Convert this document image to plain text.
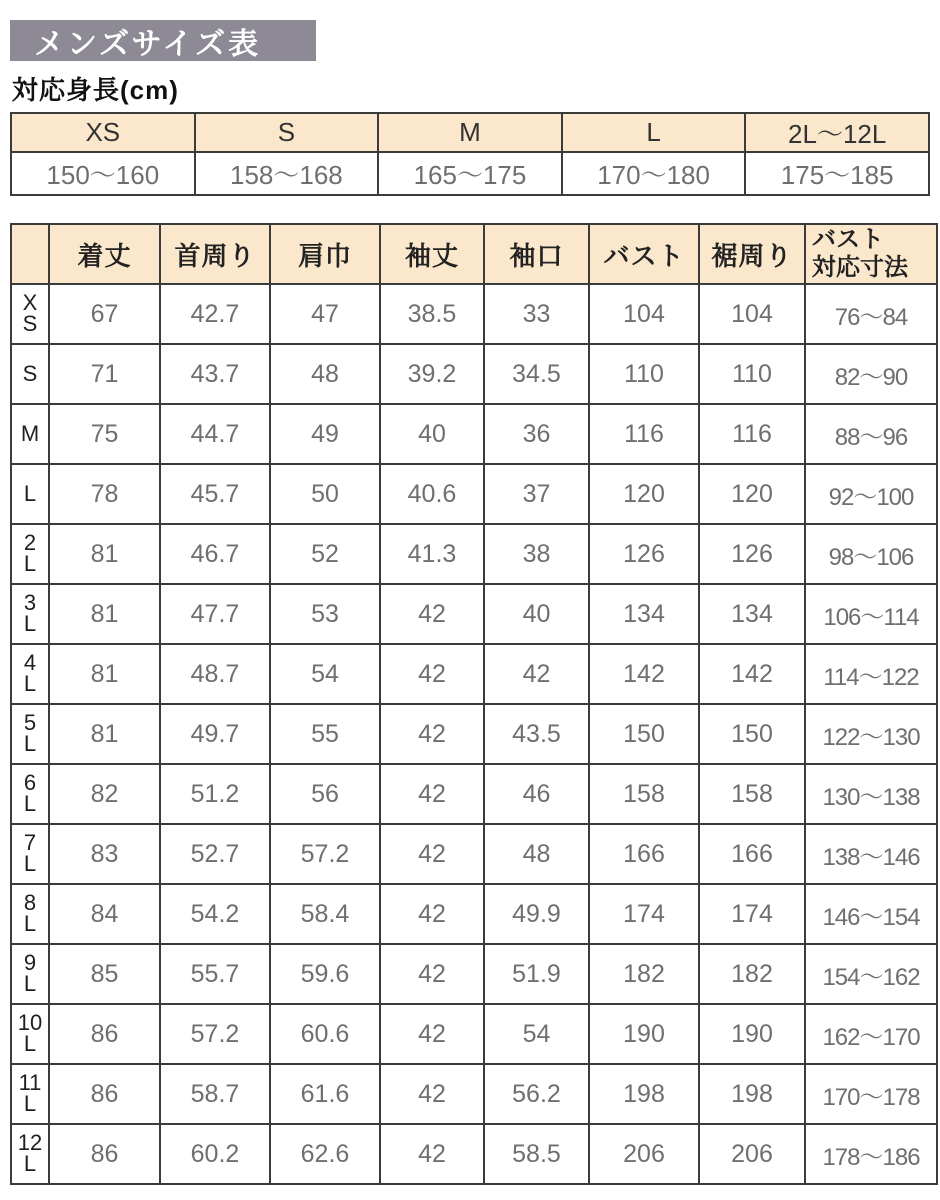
メンズサイズ表
対応身長(cm)
XS	S	M	L	2L～12L
150～160	158～168	165～175	170～180	175～185
	着丈	首周り	肩巾	袖丈	袖口	バスト	裾周り	バスト
対応寸法

X
S	67	42.7	47	38.5	33	104	104	76～84

S	71	43.7	48	39.2	34.5	110	110	82～90

M	75	44.7	49	40	36	116	116	88～96

L	78	45.7	50	40.6	37	120	120	92～100

2
L	81	46.7	52	41.3	38	126	126	98～106

3
L	81	47.7	53	42	40	134	134	106～114

4
L	81	48.7	54	42	42	142	142	114～122

5
L	81	49.7	55	42	43.5	150	150	122～130

6
L	82	51.2	56	42	46	158	158	130～138

7
L	83	52.7	57.2	42	48	166	166	138～146

8
L	84	54.2	58.4	42	49.9	174	174	146～154

9
L	85	55.7	59.6	42	51.9	182	182	154～162

10
L	86	57.2	60.6	42	54	190	190	162～170

11
L	86	58.7	61.6	42	56.2	198	198	170～178

12
L	86	60.2	62.6	42	58.5	206	206	178～186
